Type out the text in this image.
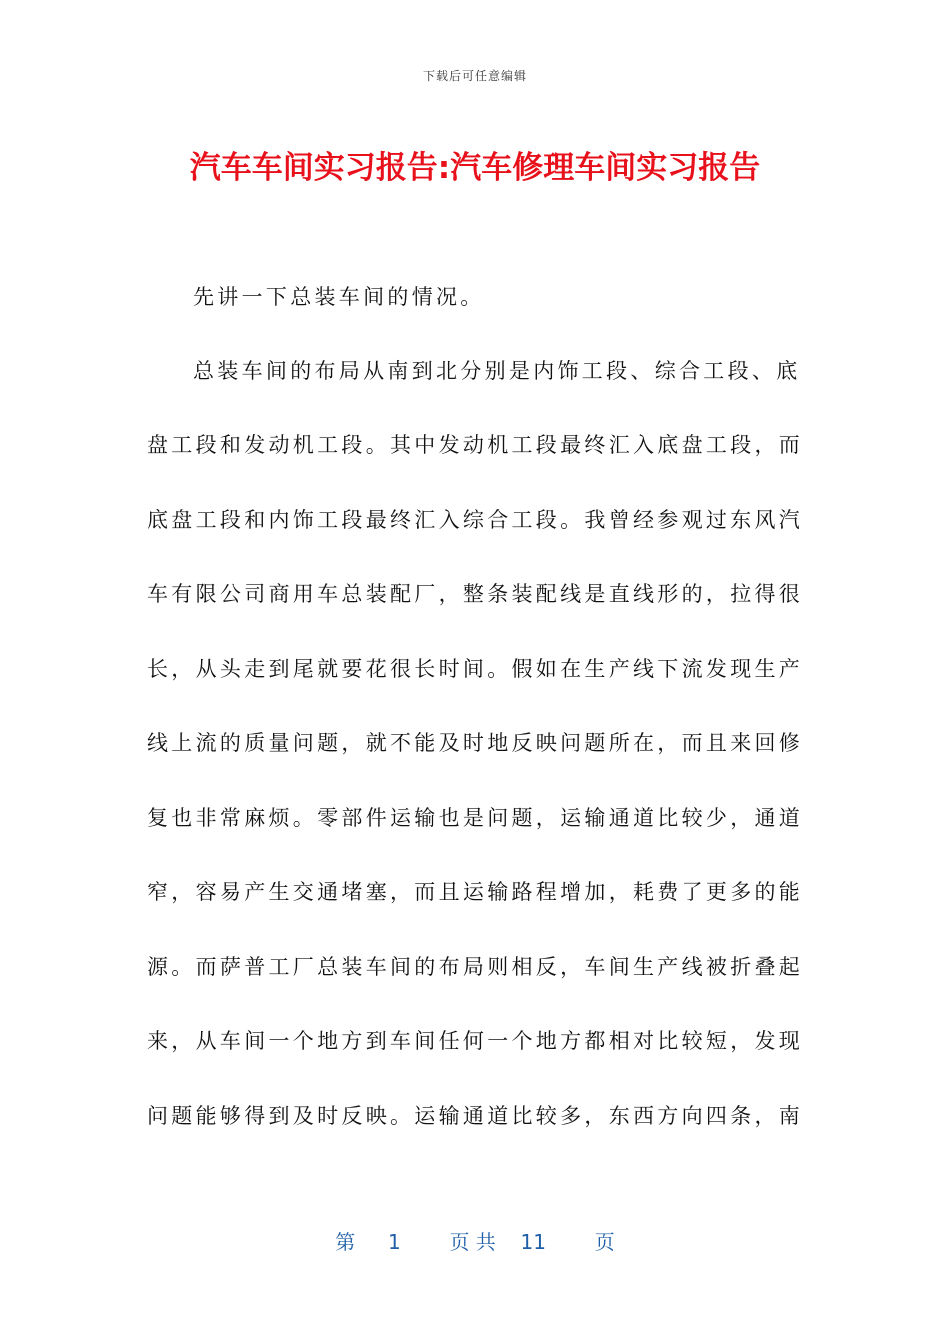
下载后可任意编辑
汽车车间实习报告:汽车修理车间实习报告
先讲一下总装车间的情况。
总装车间的布局从南到北分别是内饰工段、综合工段、底
盘工段和发动机工段。其中发动机工段最终汇入底盘工段，而
底盘工段和内饰工段最终汇入综合工段。我曾经参观过东风汽
车有限公司商用车总装配厂，整条装配线是直线形的，拉得很
长，从头走到尾就要花很长时间。假如在生产线下流发现生产
线上流的质量问题，就不能及时地反映问题所在，而且来回修
复也非常麻烦。零部件运输也是问题，运输通道比较少，通道
窄，容易产生交通堵塞，而且运输路程增加，耗费了更多的能
源。而萨普工厂总装车间的布局则相反，车间生产线被折叠起
来，从车间一个地方到车间任何一个地方都相对比较短，发现
问题能够得到及时反映。运输通道比较多，东西方向四条，南
第 1 页 共 11 页
